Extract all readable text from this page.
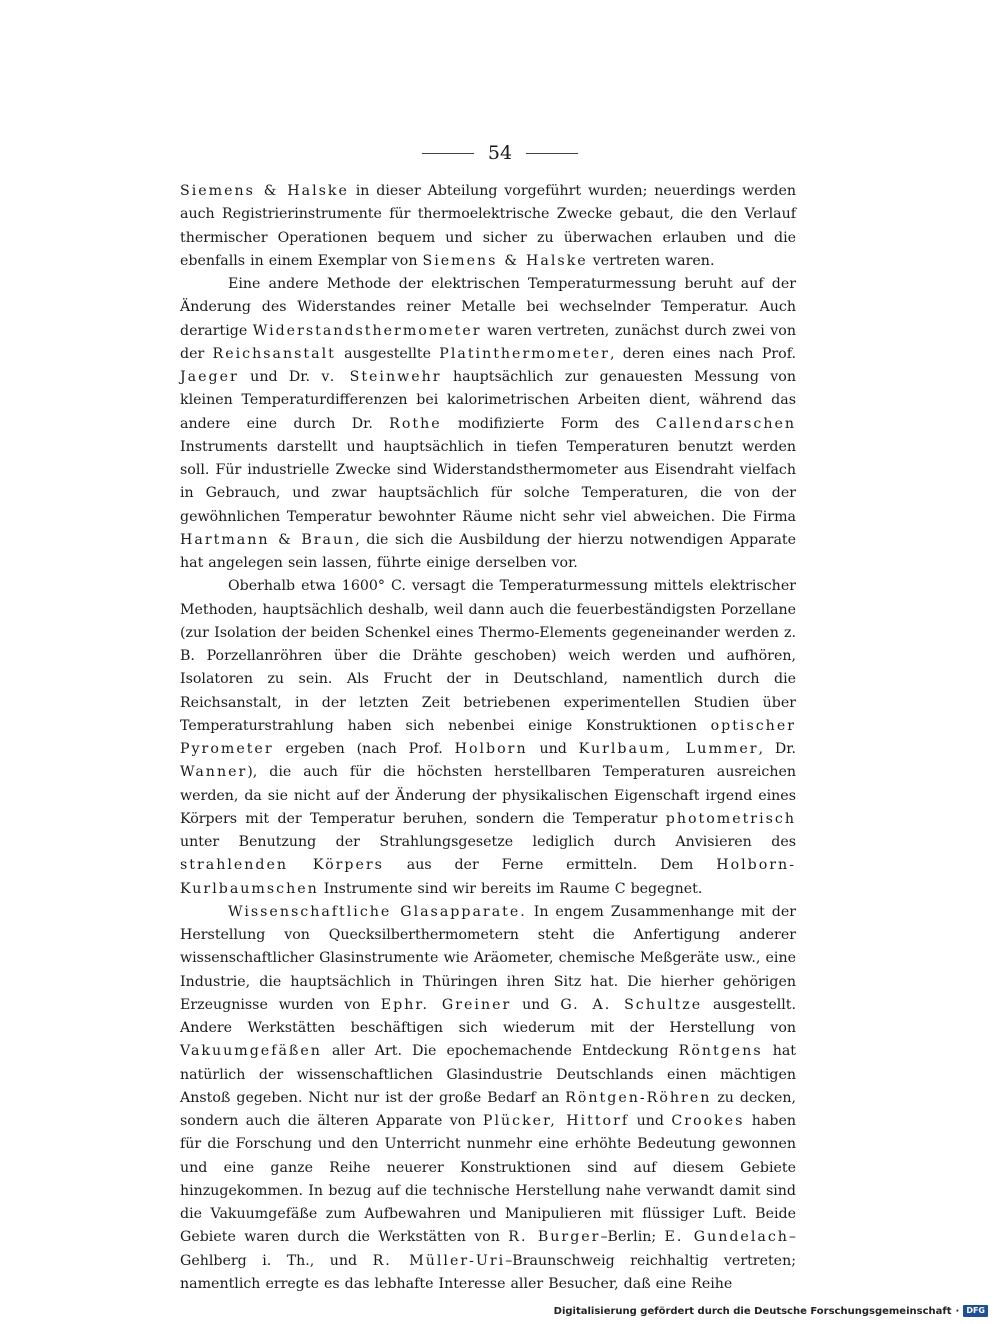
54

Siemens & Halske in dieser Abteilung vorgeführt wurden; neuerdings werden auch Registrierinstrumente für thermoelektrische Zwecke gebaut, die den Verlauf thermischer Operationen bequem und sicher zu überwachen erlauben und die ebenfalls in einem Exemplar von Siemens & Halske vertreten waren.

Eine andere Methode der elektrischen Temperaturmessung beruht auf der Änderung des Widerstandes reiner Metalle bei wechselnder Temperatur. Auch derartige Widerstandsthermometer waren vertreten, zunächst durch zwei von der Reichsanstalt ausgestellte Platinthermometer, deren eines nach Prof. Jaeger und Dr. v. Steinwehr hauptsächlich zur genauesten Messung von kleinen Temperaturdifferenzen bei kalorimetrischen Arbeiten dient, während das andere eine durch Dr. Rothe modifizierte Form des Callendarschen Instruments darstellt und hauptsächlich in tiefen Temperaturen benutzt werden soll. Für industrielle Zwecke sind Widerstandsthermometer aus Eisendraht vielfach in Gebrauch, und zwar hauptsächlich für solche Temperaturen, die von der gewöhnlichen Temperatur bewohnter Räume nicht sehr viel abweichen. Die Firma Hartmann & Braun, die sich die Ausbildung der hierzu notwendigen Apparate hat angelegen sein lassen, führte einige derselben vor.

Oberhalb etwa 1600° C. versagt die Temperaturmessung mittels elektrischer Methoden, hauptsächlich deshalb, weil dann auch die feuerbeständigsten Porzellane (zur Isolation der beiden Schenkel eines Thermo-Elements gegeneinander werden z. B. Porzellanröhren über die Drähte geschoben) weich werden und aufhören, Isolatoren zu sein. Als Frucht der in Deutschland, namentlich durch die Reichsanstalt, in der letzten Zeit betriebenen experimentellen Studien über Temperaturstrahlung haben sich nebenbei einige Konstruktionen optischer Pyrometer ergeben (nach Prof. Holborn und Kurlbaum, Lummer, Dr. Wanner), die auch für die höchsten herstellbaren Temperaturen ausreichen werden, da sie nicht auf der Änderung der physikalischen Eigenschaft irgend eines Körpers mit der Temperatur beruhen, sondern die Temperatur photometrisch unter Benutzung der Strahlungsgesetze lediglich durch Anvisieren des strahlenden Körpers aus der Ferne ermitteln. Dem Holborn-Kurlbaumschen Instrumente sind wir bereits im Raume C begegnet.

Wissenschaftliche Glasapparate. In engem Zusammenhange mit der Herstellung von Quecksilberthermometern steht die Anfertigung anderer wissenschaftlicher Glasinstrumente wie Aräometer, chemische Meßgeräte usw., eine Industrie, die hauptsächlich in Thüringen ihren Sitz hat. Die hierher gehörigen Erzeugnisse wurden von Ephr. Greiner und G. A. Schultze ausgestellt. Andere Werkstätten beschäftigen sich wiederum mit der Herstellung von Vakuumgefäßen aller Art. Die epochemachende Entdeckung Röntgens hat natürlich der wissenschaftlichen Glasindustrie Deutschlands einen mächtigen Anstoß gegeben. Nicht nur ist der große Bedarf an Röntgen-Röhren zu decken, sondern auch die älteren Apparate von Plücker, Hittorf und Crookes haben für die Forschung und den Unterricht nunmehr eine erhöhte Bedeutung gewonnen und eine ganze Reihe neuerer Konstruktionen sind auf diesem Gebiete hinzugekommen. In bezug auf die technische Herstellung nahe verwandt damit sind die Vakuumgefäße zum Aufbewahren und Manipulieren mit flüssiger Luft. Beide Gebiete waren durch die Werkstätten von R. Burger–Berlin; E. Gundelach–Gehlberg i. Th., und R. Müller-Uri–Braunschweig reichhaltig vertreten; namentlich erregte es das lebhafte Interesse aller Besucher, daß eine Reihe

Digitalisierung gefördert durch die Deutsche Forschungsgemeinschaft · DFG
